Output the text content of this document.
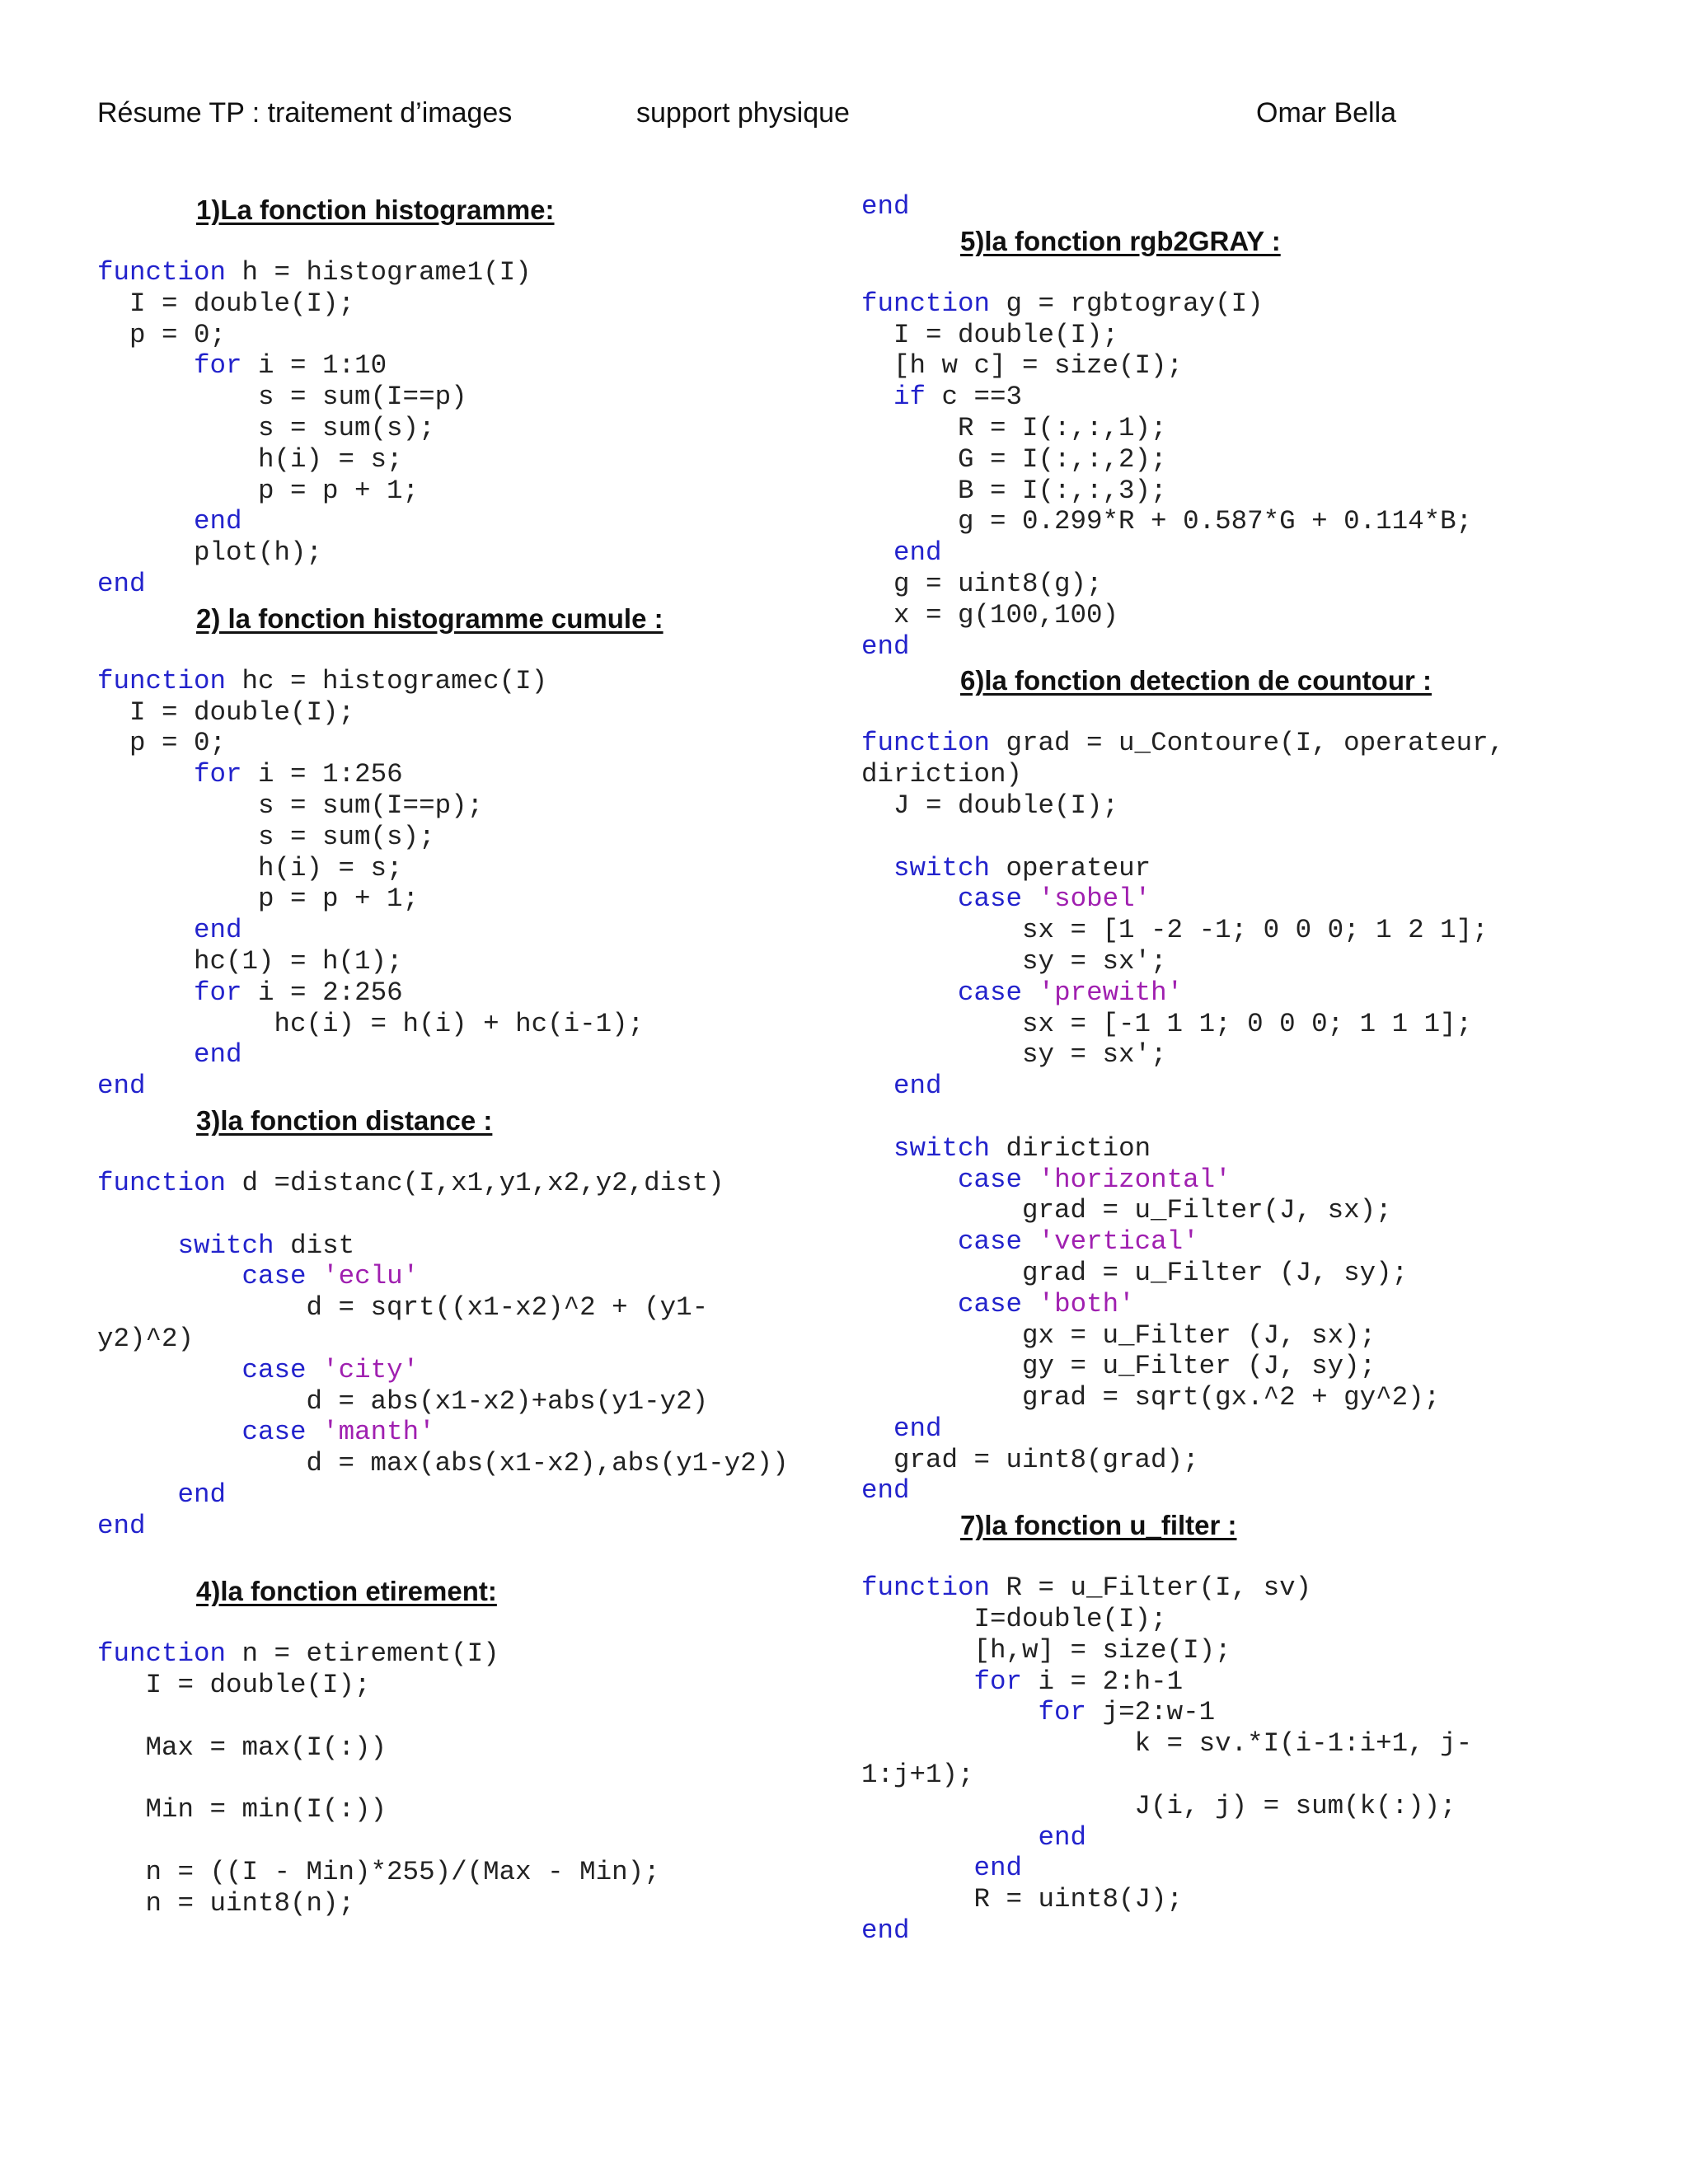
Résume TP : traitement d’images	support physique	Omar Bella
1)La fonction histogramme:
function h = histograme1(I)
I = double(I);
p = 0;
for i = 1:10
s = sum(I==p)
s = sum(s);
h(i) = s;
p = p + 1;
end
plot(h);
end
2) la fonction histogramme cumule :
function hc = histogramec(I)
I = double(I);
p = 0;
for i = 1:256
s = sum(I==p);
s = sum(s);
h(i) = s;
p = p + 1;
end
hc(1) = h(1);
for i = 2:256
hc(i) = h(i) + hc(i-1);
end
end
3)la fonction distance :
function d =distanc(I,x1,y1,x2,y2,dist)
switch dist
case 'eclu'
d = sqrt((x1-x2)^2 + (y1-
y2)^2)
case 'city'
d = abs(x1-x2)+abs(y1-y2)
case 'manth'
d = max(abs(x1-x2),abs(y1-y2))
end
end
4)la fonction etirement:
function n = etirement(I)
I = double(I);
Max = max(I(:))
Min = min(I(:))
n = ((I - Min)*255)/(Max - Min);
n = uint8(n);
end
5)la fonction rgb2GRAY :
function g = rgbtogray(I)
I = double(I);
[h w c] = size(I);
if c ==3
R = I(:,:,1);
G = I(:,:,2);
B = I(:,:,3);
g = 0.299*R + 0.587*G + 0.114*B;
end
g = uint8(g);
x = g(100,100)
end
6)la fonction detection de countour :
function grad = u_Contoure(I, operateur,
diriction)
J = double(I);
switch operateur
case 'sobel'
sx = [1 -2 -1; 0 0 0; 1 2 1];
sy = sx';
case 'prewith'
sx = [-1 1 1; 0 0 0; 1 1 1];
sy = sx';
end
switch diriction
case 'horizontal'
grad = u_Filter(J, sx);
case 'vertical'
grad = u_Filter (J, sy);
case 'both'
gx = u_Filter (J, sx);
gy = u_Filter (J, sy);
grad = sqrt(gx.^2 + gy^2);
end
grad = uint8(grad);
end
7)la fonction u_filter :
function R = u_Filter(I, sv)
I=double(I);
[h,w] = size(I);
for i = 2:h-1
for j=2:w-1
k = sv.*I(i-1:i+1, j-
1:j+1);
J(i, j) = sum(k(:));
end
end
R = uint8(J);
end
